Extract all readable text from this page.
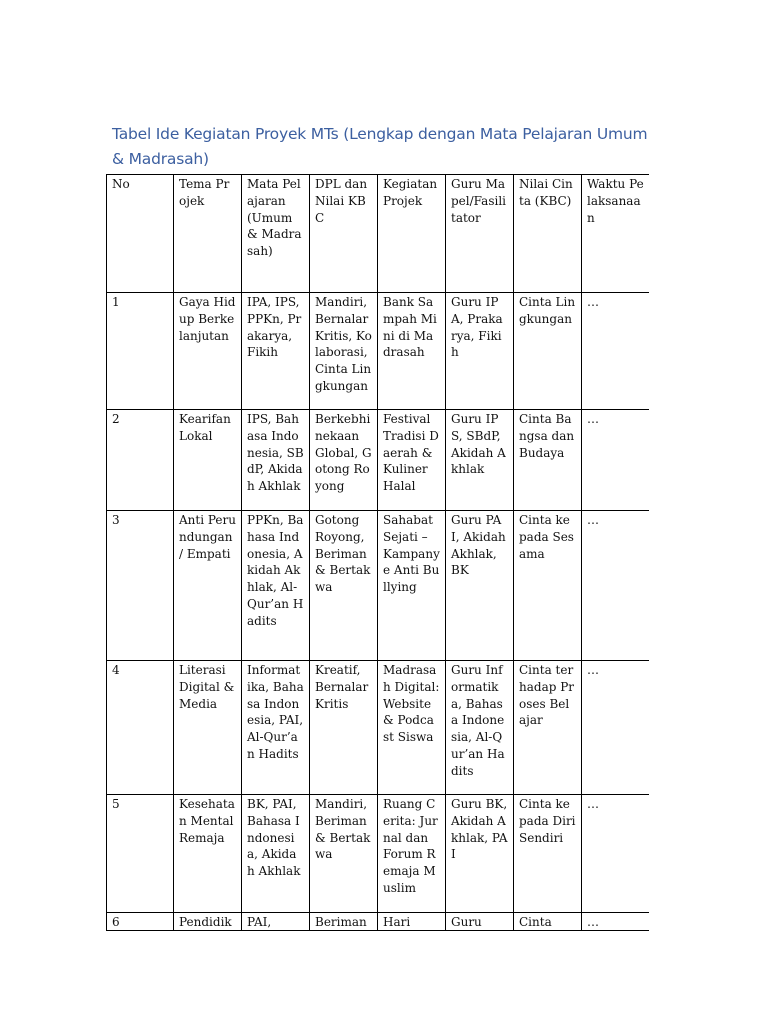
Tabel Ide Kegiatan Proyek MTs (Lengkap dengan Mata Pelajaran Umum & Madrasah)
No	Tema Projek	Mata Pelajaran (Umum & Madrasah)	DPL dan Nilai KBC	Kegiatan Projek	Guru Mapel/Fasilitator	Nilai Cinta (KBC)	Waktu Pelaksanaan
1	Gaya Hidup Berkelanjutan	IPA, IPS, PPKn, Prakarya, Fikih	Mandiri, Bernalar Kritis, Kolaborasi, Cinta Lingkungan	Bank Sampah Mini di Madrasah	Guru IPA, Prakarya, Fikih	Cinta Lingkungan	…
2	Kearifan Lokal	IPS, Bahasa Indonesia, SBdP, Akidah Akhlak	Berkebhinekaan Global, Gotong Royong	Festival Tradisi Daerah & Kuliner Halal	Guru IPS, SBdP, Akidah Akhlak	Cinta Bangsa dan Budaya	…
3	Anti Perundungan / Empati	PPKn, Bahasa Indonesia, Akidah Akhlak, Al-Qur’an Hadits	Gotong Royong, Beriman & Bertakwa	Sahabat Sejati – Kampanye Anti Bullying	Guru PAI, Akidah Akhlak, BK	Cinta kepada Sesama	…
4	Literasi Digital & Media	Informatika, Bahasa Indonesia, PAI, Al-Qur’an Hadits	Kreatif, Bernalar Kritis	Madrasah Digital: Website & Podcast Siswa	Guru Informatika, Bahasa Indonesia, Al-Qur’an Hadits	Cinta terhadap Proses Belajar	…
5	Kesehatan Mental Remaja	BK, PAI, Bahasa Indonesia, Akidah Akhlak	Mandiri, Beriman & Bertakwa	Ruang Cerita: Jurnal dan Forum Remaja Muslim	Guru BK, Akidah Akhlak, PAI	Cinta kepada Diri Sendiri	…
6	Pendidik	PAI,	Beriman	Hari	Guru	Cinta	…
